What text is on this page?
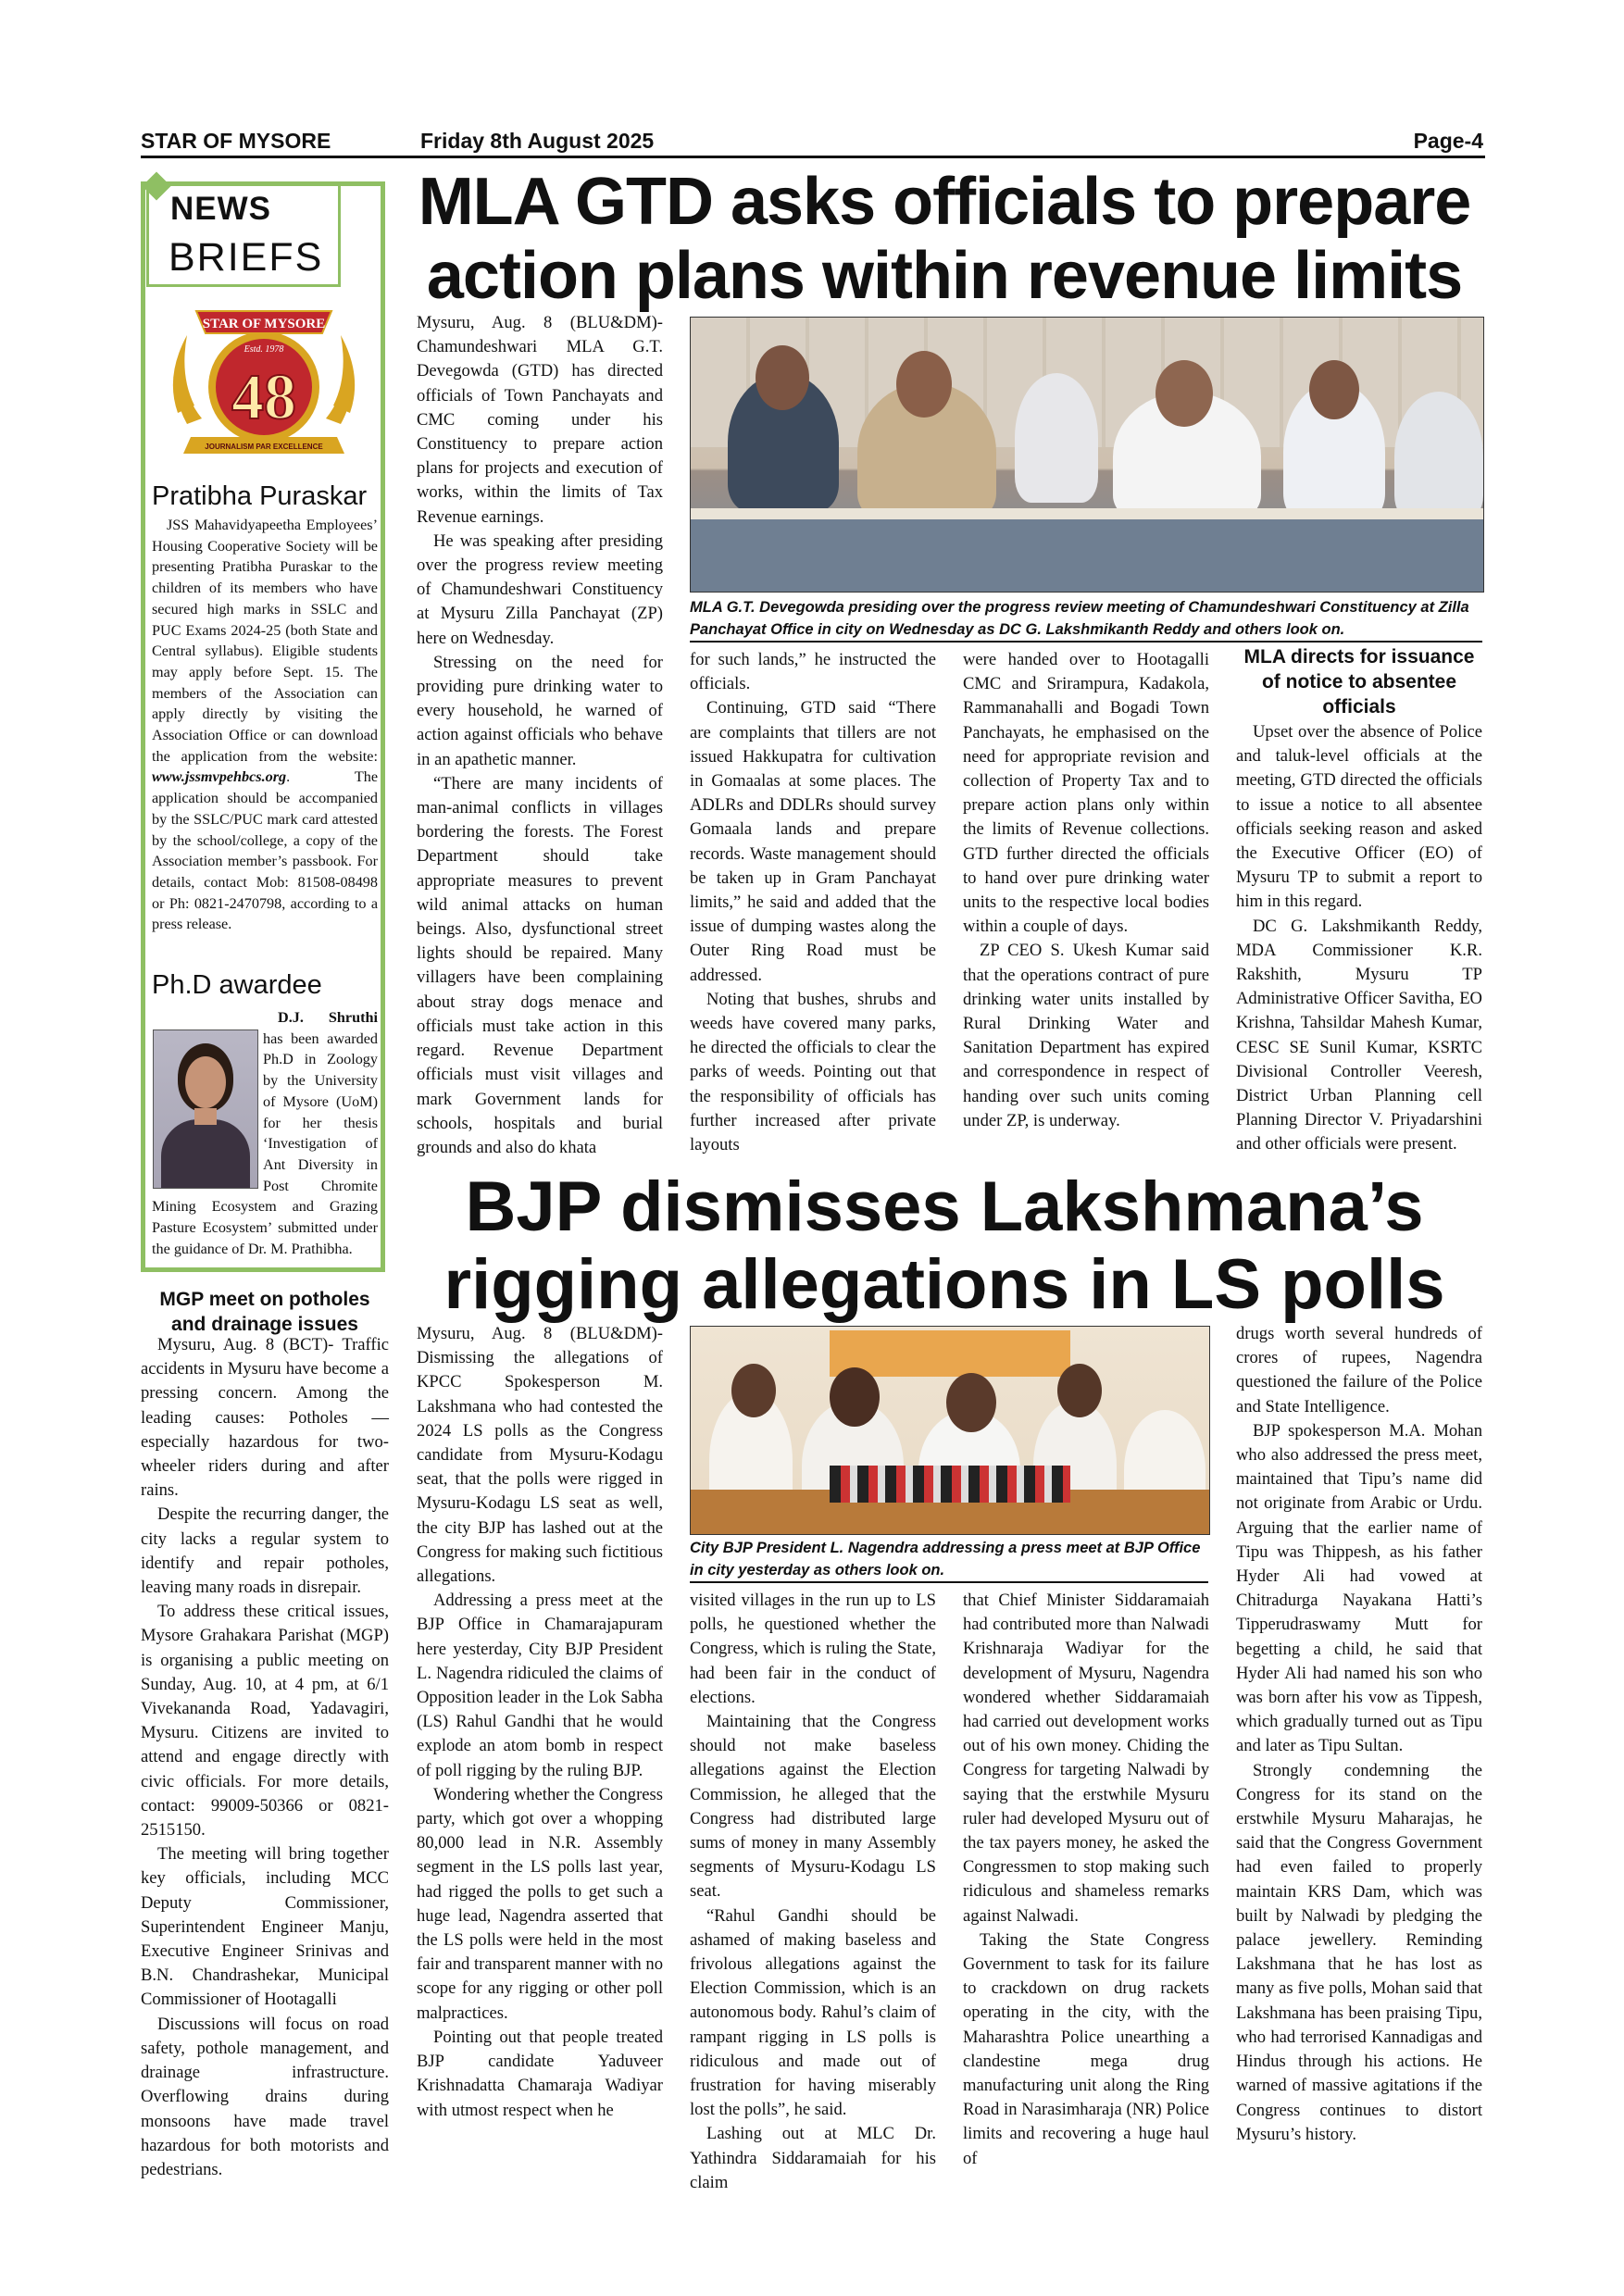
STAR OF MYSORE	Friday 8th August 2025	Page-4
NEWS
BRIEFS
STAR OF MYSORE
Estd. 1978
48
JOURNALISM PAR EXCELLENCE
Pratibha Puraskar

JSS Mahavidyapeetha Employees’ Housing Cooperative Society will be presenting Pratibha Puraskar to the children of its members who have secured high marks in SSLC and PUC Exams 2024-25 (both State and Central syllabus). Eligible students may apply before Sept. 15. The members of the Association can apply directly by visiting the Association Office or can download the application from the website: www.jssmvpehbcs.org. The application should be accompanied by the SSLC/PUC mark card attested by the school/college, a copy of the Association member’s passbook. For details, contact Mob: 81508-08498 or Ph: 0821-2470798, according to a press release.

Ph.D awardee

D.J. Shruthi has been awarded Ph.D in Zoology by the University of Mysore (UoM) for her thesis ‘Investigation of Ant Diversity in Post Chromite Mining Ecosystem and Grazing Pasture Ecosystem’ submitted under the guidance of Dr. M. Prathibha.

MGP meet on potholes and drainage issues

Mysuru, Aug. 8 (BCT)- Traffic accidents in Mysuru have become a pressing concern. Among the leading causes: Potholes — especially hazardous for two-wheeler riders during and after rains.

Despite the recurring danger, the city lacks a regular system to identify and repair potholes, leaving many roads in disrepair.

To address these critical issues, Mysore Grahakara Parishat (MGP) is organising a public meeting on Sunday, Aug. 10, at 4 pm, at 6/1 Vivekananda Road, Yadavagiri, Mysuru. Citizens are invited to attend and engage directly with civic officials. For more details, contact: 99009-50366 or 0821-2515150.

The meeting will bring together key officials, including MCC Deputy Commissioner, Superintendent Engineer Manju, Executive Engineer Srinivas and B.N. Chandrashekar, Municipal Commissioner of Hootagalli

Discussions will focus on road safety, pothole management, and drainage infrastructure. Overflowing drains during monsoons have made travel hazardous for both motorists and pedestrians.

MLA GTD asks officials to prepare action plans within revenue limits

Mysuru, Aug. 8 (BLU&DM)- Chamundeshwari MLA G.T. Devegowda (GTD) has directed officials of Town Panchayats and CMC coming under his Constituency to prepare action plans for projects and execution of works, within the limits of Tax Revenue earnings.

He was speaking after presiding over the progress review meeting of Chamundeshwari Constituency at Mysuru Zilla Panchayat (ZP) here on Wednesday.

Stressing on the need for providing pure drinking water to every household, he warned of action against officials who behave in an apathetic manner.

“There are many incidents of man-animal conflicts in villages bordering the forests. The Forest Department should take appropriate measures to prevent wild animal attacks on human beings. Also, dysfunctional street lights should be repaired. Many villagers have been complaining about stray dogs menace and officials must take action in this regard. Revenue Department officials must visit villages and mark Government lands for schools, hospitals and burial grounds and also do khata

MLA G.T. Devegowda presiding over the progress review meeting of Chamundeshwari Constituency at Zilla Panchayat Office in city on Wednesday as DC G. Lakshmikanth Reddy and others look on.

for such lands,” he instructed the officials.

Continuing, GTD said “There are complaints that tillers are not issued Hakkupatra for cultivation in Gomaalas at some places. The ADLRs and DDLRs should survey Gomaala lands and prepare records. Waste management should be taken up in Gram Panchayat limits,” he said and added that the issue of dumping wastes along the Outer Ring Road must be addressed.

Noting that bushes, shrubs and weeds have covered many parks, he directed the officials to clear the parks of weeds. Pointing out that the responsibility of officials has further increased after private layouts

were handed over to Hootagalli CMC and Srirampura, Kadakola, Rammanahalli and Bogadi Town Panchayats, he emphasised on the need for appropriate revision and collection of Property Tax and to prepare action plans only within the limits of Revenue collections. GTD further directed the officials to hand over pure drinking water units to the respective local bodies within a couple of days.

ZP CEO S. Ukesh Kumar said that the operations contract of pure drinking water units installed by Rural Drinking Water and Sanitation Department has expired and correspondence in respect of handing over such units coming under ZP, is underway.

MLA directs for issuance of notice to absentee officials

Upset over the absence of Police and taluk-level officials at the meeting, GTD directed the officials to issue a notice to all absentee officials seeking reason and asked the Executive Officer (EO) of Mysuru TP to submit a report to him in this regard.

DC G. Lakshmikanth Reddy, MDA Commissioner K.R. Rakshith, Mysuru TP Administrative Officer Savitha, EO Krishna, Tahsildar Mahesh Kumar, CESC SE Sunil Kumar, KSRTC Divisional Controller Veeresh, District Urban Planning cell Planning Director V. Priyadarshini and other officials were present.

BJP dismisses Lakshmana’s rigging allegations in LS polls

Mysuru, Aug. 8 (BLU&DM)- Dismissing the allegations of KPCC Spokesperson M. Lakshmana who had contested the 2024 LS polls as the Congress candidate from Mysuru-Kodagu seat, that the polls were rigged in Mysuru-Kodagu LS seat as well, the city BJP has lashed out at the Congress for making such fictitious allegations.

Addressing a press meet at the BJP Office in Chamarajapuram here yesterday, City BJP President L. Nagendra ridiculed the claims of Opposition leader in the Lok Sabha (LS) Rahul Gandhi that he would explode an atom bomb in respect of poll rigging by the ruling BJP.

Wondering whether the Congress party, which got over a whopping 80,000 lead in N.R. Assembly segment in the LS polls last year, had rigged the polls to get such a huge lead, Nagendra asserted that the LS polls were held in the most fair and transparent manner with no scope for any rigging or other poll malpractices.

Pointing out that people treated BJP candidate Yaduveer Krishnadatta Chamaraja Wadiyar with utmost respect when he

City BJP President L. Nagendra addressing a press meet at BJP Office in city yesterday as others look on.

visited villages in the run up to LS polls, he questioned whether the Congress, which is ruling the State, had been fair in the conduct of elections.

Maintaining that the Congress should not make baseless allegations against the Election Commission, he alleged that the Congress had distributed large sums of money in many Assembly segments of Mysuru-Kodagu LS seat.

“Rahul Gandhi should be ashamed of making baseless and frivolous allegations against the Election Commission, which is an autonomous body. Rahul’s claim of rampant rigging in LS polls is ridiculous and made out of frustration for having miserably lost the polls”, he said.

Lashing out at MLC Dr. Yathindra Siddaramaiah for his claim

that Chief Minister Siddaramaiah had contributed more than Nalwadi Krishnaraja Wadiyar for the development of Mysuru, Nagendra wondered whether Siddaramaiah had carried out development works out of his own money. Chiding the Congress for targeting Nalwadi by saying that the erstwhile Mysuru ruler had developed Mysuru out of the tax payers money, he asked the Congressmen to stop making such ridiculous and shameless remarks against Nalwadi.

Taking the State Congress Government to task for its failure to crackdown on drug rackets operating in the city, with the Maharashtra Police unearthing a clandestine mega drug manufacturing unit along the Ring Road in Narasimharaja (NR) Police limits and recovering a huge haul of

drugs worth several hundreds of crores of rupees, Nagendra questioned the failure of the Police and State Intelligence.

BJP spokesperson M.A. Mohan who also addressed the press meet, maintained that Tipu’s name did not originate from Arabic or Urdu. Arguing that the earlier name of Tipu was Thippesh, as his father Hyder Ali had vowed at Chitradurga Nayakana Hatti’s Tipperudraswamy Mutt for begetting a child, he said that Hyder Ali had named his son who was born after his vow as Tippesh, which gradually turned out as Tipu and later as Tipu Sultan.

Strongly condemning the Congress for its stand on the erstwhile Mysuru Maharajas, he said that the Congress Government had even failed to properly maintain KRS Dam, which was built by Nalwadi by pledging the palace jewellery. Reminding Lakshmana that he has lost as many as five polls, Mohan said that Lakshmana has been praising Tipu, who had terrorised Kannadigas and Hindus through his actions. He warned of massive agitations if the Congress continues to distort Mysuru’s history.
